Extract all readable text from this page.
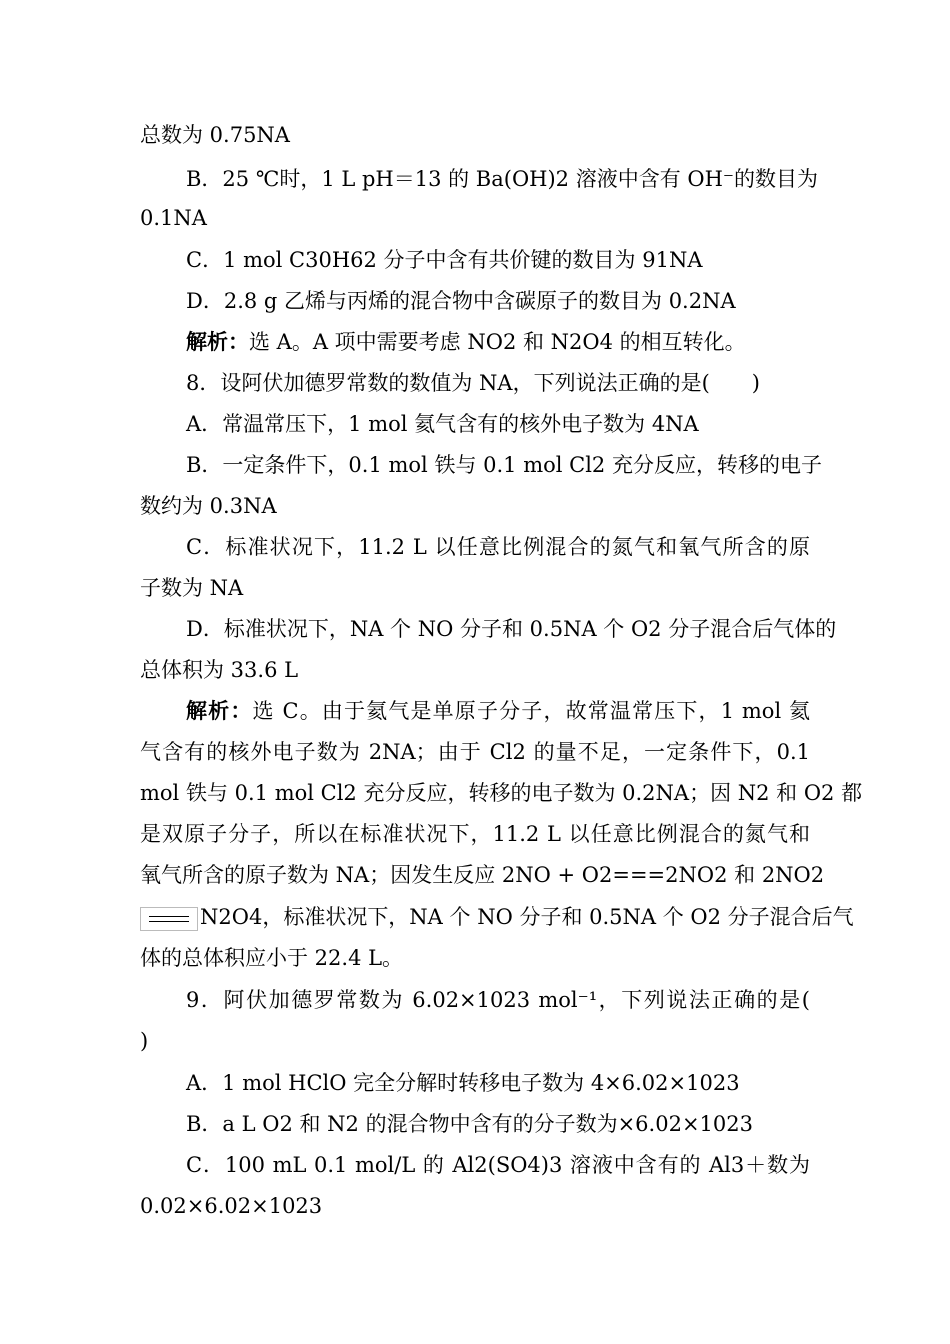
总数为 0.75NA
B．25 ℃时，1 L pH＝13 的 Ba(OH)2 溶液中含有 OH⁻的数目为
0.1NA
C．1 mol C30H62 分子中含有共价键的数目为 91NA
D．2.8 g 乙烯与丙烯的混合物中含碳原子的数目为 0.2NA
解析：选 A。A 项中需要考虑 NO2 和 N2O4 的相互转化。
8．设阿伏加德罗常数的数值为 NA，下列说法正确的是(　　)
A．常温常压下，1 mol 氦气含有的核外电子数为 4NA
B．一定条件下，0.1 mol 铁与 0.1 mol Cl2 充分反应，转移的电子
数约为 0.3NA
C．标准状况下，11.2 L 以任意比例混合的氮气和氧气所含的原
子数为 NA
D．标准状况下，NA 个 NO 分子和 0.5NA 个 O2 分子混合后气体的
总体积为 33.6 L
解析：选 C。由于氦气是单原子分子，故常温常压下，1 mol 氦
气含有的核外电子数为 2NA；由于 Cl2 的量不足，一定条件下，0.1
mol 铁与 0.1 mol Cl2 充分反应，转移的电子数为 0.2NA；因 N2 和 O2 都
是双原子分子，所以在标准状况下，11.2 L 以任意比例混合的氮气和
氧气所含的原子数为 NA；因发生反应 2NO + O2===2NO2 和 2NO2
N2O4，标准状况下，NA 个 NO 分子和 0.5NA 个 O2 分子混合后气
体的总体积应小于 22.4 L。
9．阿伏加德罗常数为 6.02×1023 mol⁻¹，下列说法正确的是(
)
A．1 mol HClO 完全分解时转移电子数为 4×6.02×1023
B．a L O2 和 N2 的混合物中含有的分子数为×6.02×1023
C．100 mL 0.1 mol/L 的 Al2(SO4)3 溶液中含有的 Al3＋数为
0.02×6.02×1023
